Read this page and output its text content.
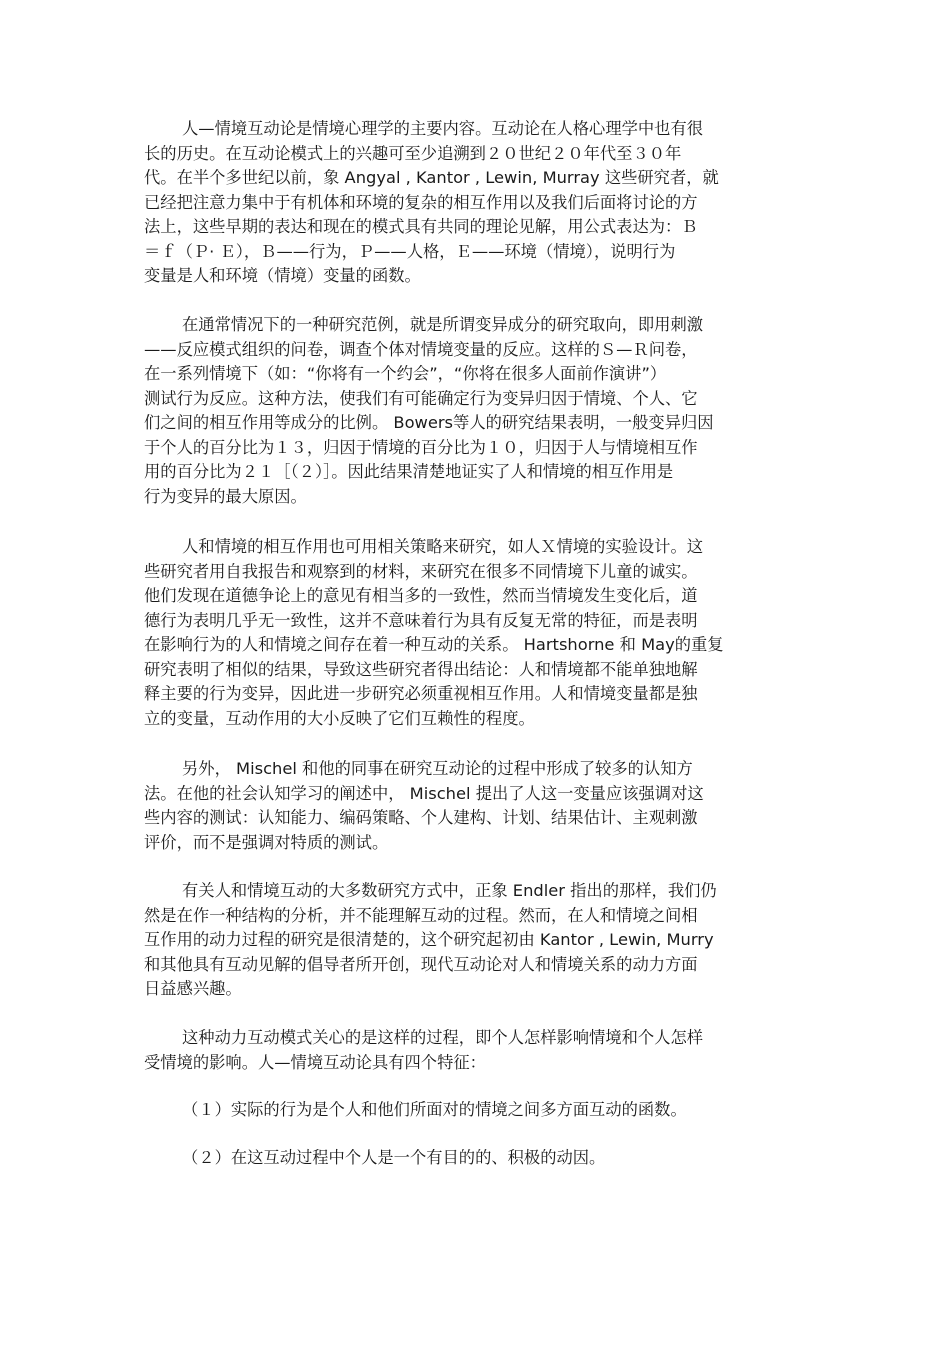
人—情境互动论是情境心理学的主要内容。互动论在人格心理学中也有很
长的历史。在互动论模式上的兴趣可至少追溯到２０世纪２０年代至３０年
代。在半个多世纪以前，象 Angyal , Kantor , Lewin, Murray 这些研究者，就
已经把注意力集中于有机体和环境的复杂的相互作用以及我们后面将讨论的方
法上，这些早期的表达和现在的模式具有共同的理论见解，用公式表达为：Ｂ
＝ｆ（Ｐ· Ｅ），Ｂ——行为，Ｐ——人格，Ｅ——环境（情境），说明行为
变量是人和环境（情境）变量的函数。
在通常情况下的一种研究范例，就是所谓变异成分的研究取向，即用刺激
——反应模式组织的问卷，调查个体对情境变量的反应。这样的Ｓ—Ｒ问卷，
在一系列情境下（如：“你将有一个约会”，“你将在很多人面前作演讲”）
测试行为反应。这种方法，使我们有可能确定行为变异归因于情境、个人、它
们之间的相互作用等成分的比例。 Bowers等人的研究结果表明，一般变异归因
于个人的百分比为１３，归因于情境的百分比为１０，归因于人与情境相互作
用的百分比为２１［（２）］。因此结果清楚地证实了人和情境的相互作用是
行为变异的最大原因。
人和情境的相互作用也可用相关策略来研究，如人Ｘ情境的实验设计。这
些研究者用自我报告和观察到的材料，来研究在很多不同情境下儿童的诚实。
他们发现在道德争论上的意见有相当多的一致性，然而当情境发生变化后，道
德行为表明几乎无一致性，这并不意味着行为具有反复无常的特征，而是表明
在影响行为的人和情境之间存在着一种互动的关系。 Hartshorne 和 May的重复
研究表明了相似的结果，导致这些研究者得出结论：人和情境都不能单独地解
释主要的行为变异，因此进一步研究必须重视相互作用。人和情境变量都是独
立的变量，互动作用的大小反映了它们互赖性的程度。
另外， Mischel 和他的同事在研究互动论的过程中形成了较多的认知方
法。在他的社会认知学习的阐述中， Mischel 提出了人这一变量应该强调对这
些内容的测试：认知能力、编码策略、个人建构、计划、结果估计、主观刺激
评价，而不是强调对特质的测试。
有关人和情境互动的大多数研究方式中，正象 Endler 指出的那样，我们仍
然是在作一种结构的分析，并不能理解互动的过程。然而，在人和情境之间相
互作用的动力过程的研究是很清楚的，这个研究起初由 Kantor , Lewin, Murry
和其他具有互动见解的倡导者所开创，现代互动论对人和情境关系的动力方面
日益感兴趣。
这种动力互动模式关心的是这样的过程，即个人怎样影响情境和个人怎样
受情境的影响。人—情境互动论具有四个特征：
（１）实际的行为是个人和他们所面对的情境之间多方面互动的函数。
（２）在这互动过程中个人是一个有目的的、积极的动因。
